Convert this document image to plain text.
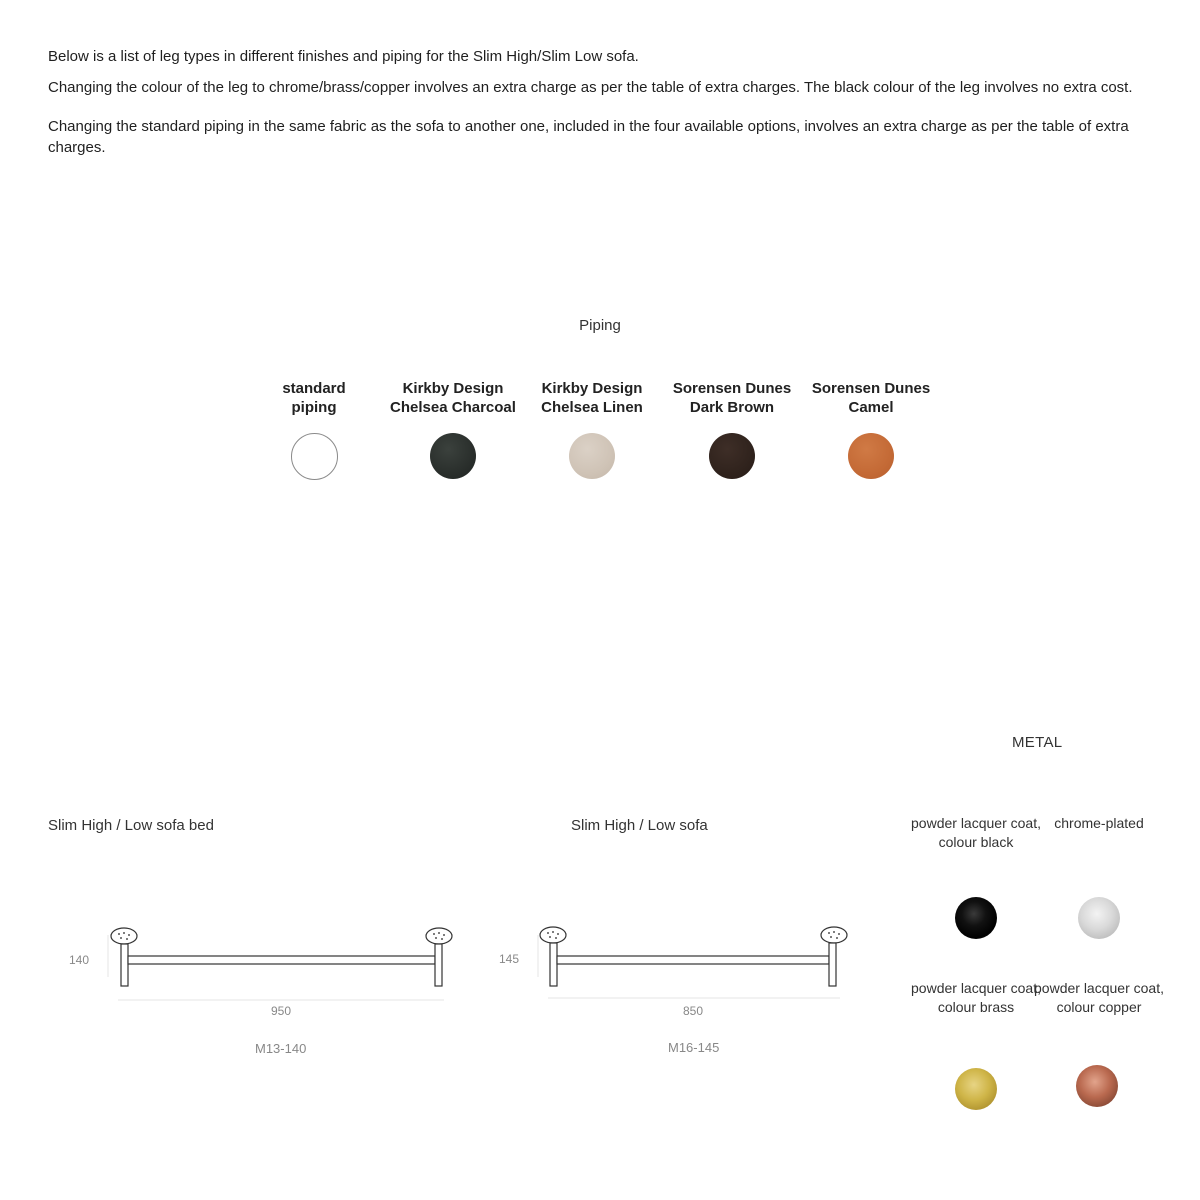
Below is a list of leg types in different finishes and piping for the Slim High/Slim Low sofa.

Changing the colour of the leg to chrome/brass/copper involves an extra charge as per the table of extra charges. The black colour of the leg involves no extra cost.

Changing the standard piping in the same fabric as the sofa to another one, included in the four available options, involves an extra charge as per the table of extra charges.

Piping
standard
piping
Kirkby Design
Chelsea Charcoal
Kirkby Design
Chelsea Linen
Sorensen Dunes
Dark Brown
Sorensen Dunes
Camel
Slim High / Low sofa bed	Slim High / Low sofa
140
950
M13-140
145
850
M16-145
METAL
powder lacquer coat, colour black
chrome-plated
powder lacquer coat, colour brass
powder lacquer coat, colour copper
